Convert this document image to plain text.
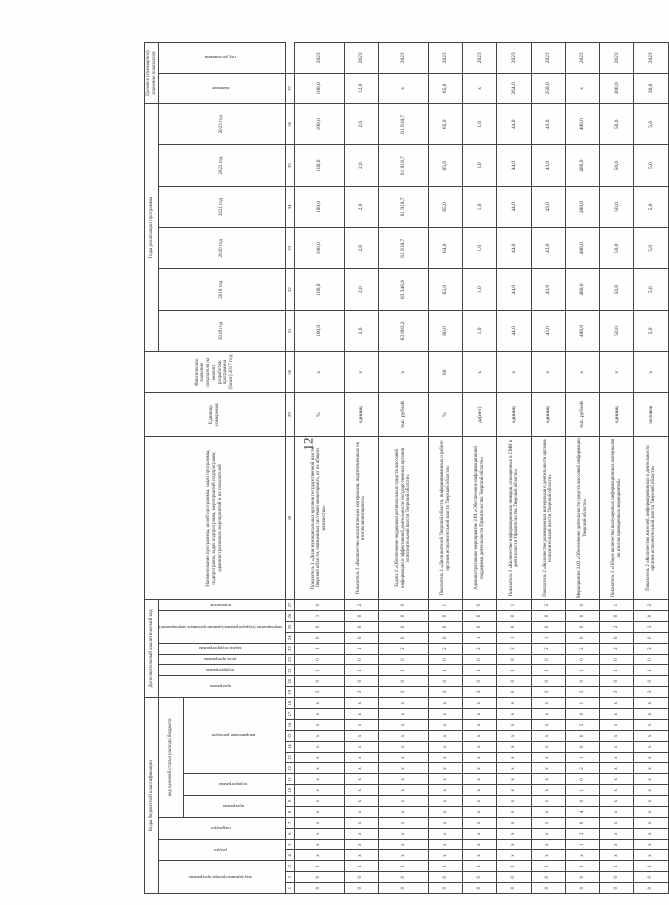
12
Коды бюджетной классификации																		Дополнительный аналитический код									Наименование программы, целей программы, задач программы, подпрограмм, задач подпрограмм, мероприятий подпрограмм, административных мероприятий и их показателей	Единица измерения	Фактическое значение показателя на момент разработки программы (базис) 2017 год	Годы реализации программы						Целевое (суммарное) значение показателя	
код администратора программы			раздел		подраздел		код целевой статьи расхода бюджета											программа		подпрограмма	цель программы	задача подпрограммы	мероприятие (подпрограммы/административное мероприятие)			показатель				2018 год	2019 год	2020 год	2021 год	2022 год	2023 год	значение	год достижения
							программа		подпрограмма		направление расходов																										
1	2	3	4	5	6	7	8	9	10	11	12	13	14	15	16	17	18	19	20	21	22	23	24	25	26	27	28	29	30	31	32	33	34	35	36	37	
0	0	1	x	x	x	x	x	x	x	x	x	x	x	x	x	x	x	3	0	1	0	1	0	0	1	0	Показатель 1 «Доля муниципальных органов государственной власти Тверской области, охваченных системой мониторинга, от их общего количества»	%	х	100,0	100,0	100,0	100,0	100,0	100,0	100,0	2023
0	0	1	x	x	x	x	x	x	x	x	x	x	x	x	x	x	x	3	0	1	0	1	0	0	0	2	Показатель 2 «Количество аналитических материалов, подготовленных по итогам мониторинга»	единиц	х	2,0	2,0	2,0	2,0	2,0	2,0	12,0	2023
0	0	1	x	x	x	x	x	x	x	x	x	x	x	x	x	x	x	3	0	1	0	2	0	0	0	0	Задача 2 «Обеспечение поддержки региональных средств массовой информации и эффективной деятельности государственных органов исполнительной власти Тверской области»	тыс. рублей	х	63 093,2	63 348,9	61 918,7	61 918,7	61 918,7	61 918,7	x	2023
0	0	1	x	x	x	x	x	x	x	x	x	x	x	x	x	x	x	3	0	1	0	2	0	0	0	1	Показатель 1 «Доля жителей Тверской области, информированных о работе органов исполнительной власти Тверской области»	%	60	60,0	62,0	64,0	65,0	65,0	65,0	65,0	2023
0	0	1	x	x	x	x	x	x	x	x	x	x	x	x	x	x	x	3	0	1	0	2	1	0	0	0	Административное мероприятие 2.01 «Обеспечение информационной поддержки деятельности Правительства Тверской области»	да(нет)	х	1,0	1,0	1,0	1,0	1,0	1,0	x	2023
0	0	1	x	x	x	x	x	x	x	x	x	x	x	x	x	x	x	3	0	1	0	2	1	0	0	1	Показатель 1 «Количество информационных поводов, освещенных в СМИ о деятельности Правительства Тверской области»	единиц	х	44,0	44,0	44,0	44,0	44,0	44,0	264,0	2023
0	0	1	x	x	x	x	x	x	x	x	x	x	x	x	x	x	x	3	0	1	0	2	1	0	0	2	Показатель 2 «Количество размещенных материалов о деятельности органов исполнительной власти Тверской области»	единиц	х	43,0	43,0	43,0	43,0	43,0	43,0	258,0	2023
0	0	1	x	1	2	0	4	0	1	0	2	1	0	0	5	0	1	3	0	1	0	2	0	0	0	0	Мероприятие 2.02 «Обеспечение деятельности средств массовой информации Тверской области»	тыс. рублей	х	480,0	480,0	480,0	480,0	480,0	480,0	x	2023
0	0	1	x	x	x	x	x	x	x	x	x	x	x	x	x	x	x	3	0	1	0	2	0	2	0	1	Показатель 1 «Общее количество выпущенных информационных материалов по итогам проведенных мероприятий»	единиц	х	50,0	50,0	50,0	50,0	50,0	50,0	300,0	2023
0	0	1	x	x	x	x	x	x	x	x	x	x	x	x	x	x	x	3	0	1	0	2	0	2	0	2	Показатель 2 «Количество жителей, информированных о деятельности органов исполнительной власти Тверской области»	человек	х	5,0	5,0	5,0	5,0	5,0	5,0	30,0	2023
